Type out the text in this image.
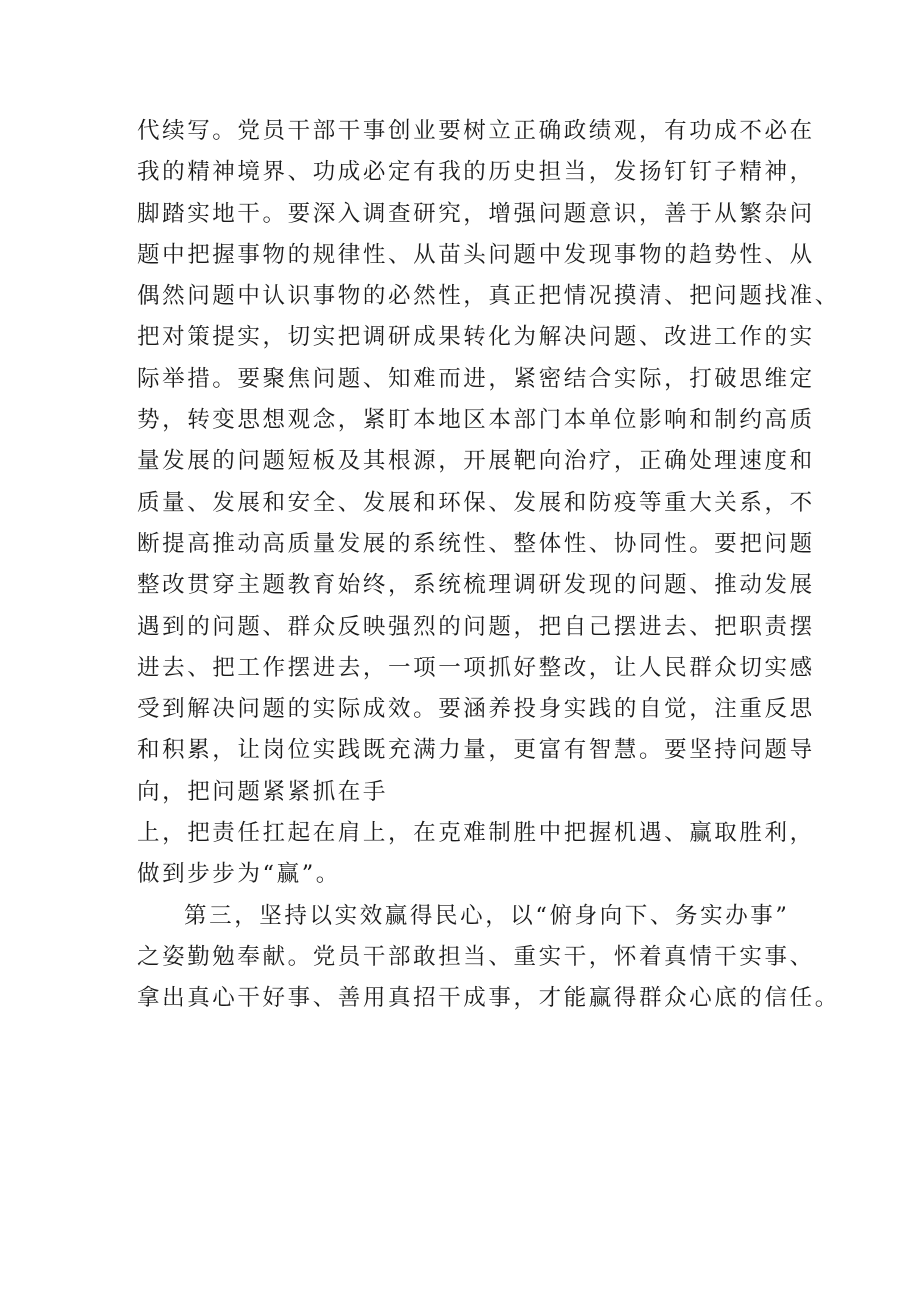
代续写。党员干部干事创业要树立正确政绩观，有功成不必在
我的精神境界、功成必定有我的历史担当，发扬钉钉子精神，
脚踏实地干。要深入调查研究，增强问题意识，善于从繁杂问
题中把握事物的规律性、从苗头问题中发现事物的趋势性、从
偶然问题中认识事物的必然性，真正把情况摸清、把问题找准、
把对策提实，切实把调研成果转化为解决问题、改进工作的实
际举措。要聚焦问题、知难而进，紧密结合实际，打破思维定
势，转变思想观念，紧盯本地区本部门本单位影响和制约高质
量发展的问题短板及其根源，开展靶向治疗，正确处理速度和
质量、发展和安全、发展和环保、发展和防疫等重大关系，不
断提高推动高质量发展的系统性、整体性、协同性。要把问题
整改贯穿主题教育始终，系统梳理调研发现的问题、推动发展
遇到的问题、群众反映强烈的问题，把自己摆进去、把职责摆
进去、把工作摆进去，一项一项抓好整改，让人民群众切实感
受到解决问题的实际成效。要涵养投身实践的自觉，注重反思
和积累，让岗位实践既充满力量，更富有智慧。要坚持问题导
向，把问题紧紧抓在手
上，把责任扛起在肩上，在克难制胜中把握机遇、赢取胜利，
做到步步为“赢”。
第三，坚持以实效赢得民心，以“俯身向下、务实办事”
之姿勤勉奉献。党员干部敢担当、重实干，怀着真情干实事、
拿出真心干好事、善用真招干成事，才能赢得群众心底的信任。
